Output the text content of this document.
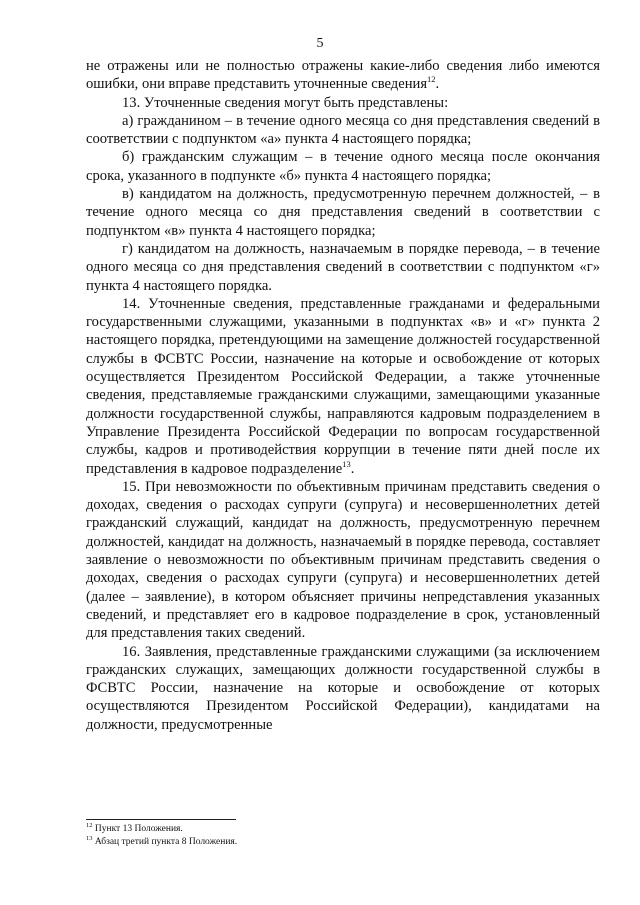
5

не отражены или не полностью отражены какие-либо сведения либо имеются ошибки, они вправе представить уточненные сведения$^{12}$.

13. Уточненные сведения могут быть представлены:

а) гражданином – в течение одного месяца со дня представления сведений в соответствии с подпунктом «а» пункта 4 настоящего порядка;

б) гражданским служащим – в течение одного месяца после окончания срока, указанного в подпункте «б» пункта 4 настоящего порядка;

в) кандидатом на должность, предусмотренную перечнем должностей, – в течение одного месяца со дня представления сведений в соответствии с подпунктом «в» пункта 4 настоящего порядка;

г) кандидатом на должность, назначаемым в порядке перевода, – в течение одного месяца со дня представления сведений в соответствии с подпунктом «г» пункта 4 настоящего порядка.

14. Уточненные сведения, представленные гражданами и федеральными государственными служащими, указанными в подпунктах «в» и «г» пункта 2 настоящего порядка, претендующими на замещение должностей государственной службы в ФСВТС России, назначение на которые и освобождение от которых осуществляется Президентом Российской Федерации, а также уточненные сведения, представляемые гражданскими служащими, замещающими указанные должности государственной службы, направляются кадровым подразделением в Управление Президента Российской Федерации по вопросам государственной службы, кадров и противодействия коррупции в течение пяти дней после их представления в кадровое подразделение$^{13}$.

15. При невозможности по объективным причинам представить сведения о доходах, сведения о расходах супруги (супруга) и несовершеннолетних детей гражданский служащий, кандидат на должность, предусмотренную перечнем должностей, кандидат на должность, назначаемый в порядке перевода, составляет заявление о невозможности по объективным причинам представить сведения о доходах, сведения о расходах супруги (супруга) и несовершеннолетних детей (далее – заявление), в котором объясняет причины непредставления указанных сведений, и представляет его в кадровое подразделение в срок, установленный для представления таких сведений.

16. Заявления, представленные гражданскими служащими (за исключением гражданских служащих, замещающих должности государственной службы в ФСВТС России, назначение на которые и освобождение от которых осуществляются Президентом Российской Федерации), кандидатами на должности, предусмотренные

$^{12}$ Пункт 13 Положения.
$^{13}$ Абзац третий пункта 8 Положения.
